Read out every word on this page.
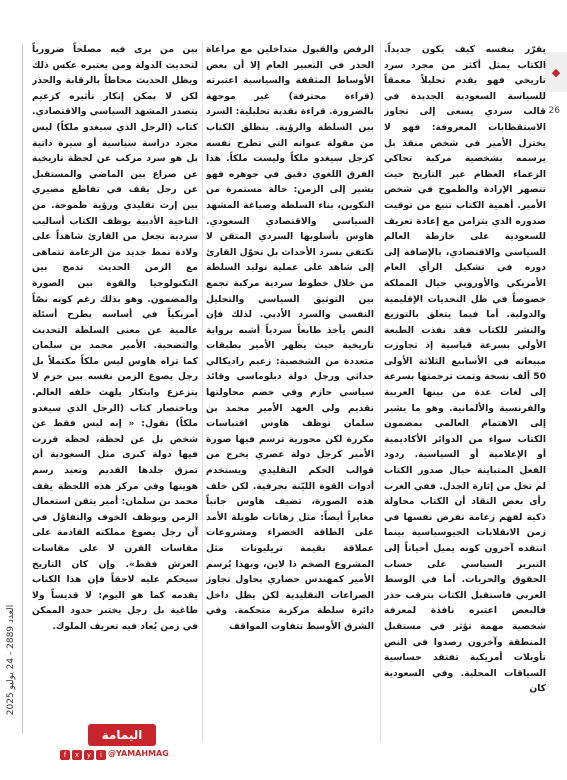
العدد 2889 - 24 يوليو 2025
◆
26

يقرّر بنفسه كيف يكون جديداً. الكتاب يمثل أكثر من مجرد سرد تاريخي فهو يقدم تحليلاً معمقاً للسياسة السعودية الجديدة في قالب سردي يسعى إلى تجاوز الاستقطابات المعروفة: فهو لا يختزل الأمير في شخص منقذ بل يرسمه بشخصية مركبة تحاكي الزعماء العظام عبر التاريخ حيث تتصهر الإرادة والطموح في شخص الأمير. أهمية الكتاب تنبع من توقيت صدوره الذي يتزامن مع إعادة تعريف للسعودية على خارطة العالم السياسي والاقتصادي، بالإضافة إلى دوره في تشكيل الرأي العام الأمريكي والأوروبي حيال المملكة خصوصاً في ظل التحديات الإقليمية والدولية. أما فيما يتعلق بالتوزيع والنشر للكتاب فقد نفذت الطبعة الأولى بسرعة قياسية إذ تجاوزت مبيعاته في الأسابيع الثلاثة الأولى 50 ألف نسخة وتمت ترجمتها بسرعة إلى لغات عدة من بينها العربية والفرنسية والألمانية. وهو ما يشير إلى الاهتمام العالمي بمضمون الكتاب سواء من الدوائر الأكاديمية أو الإعلامية أو السياسية. ردود الفعل المتباينة حيال صدور الكتاب لم تخل من إثارة الجدل. ففي الغرب رأى بعض النقاد أن الكتاب محاولة ذكية لفهم زعامة تفرض نفسها في زمن الانقلابات الجيوسياسية بينما انتقده آخرون كونه يميل أحياناً إلى التبرير السياسي على حساب الحقوق والحريات. أما في الوسط العربي فاستقبل الكتاب بترقب حذر فالبعض اعتبره نافذة لمعرفة شخصية مهمة تؤثر في مستقبل المنطقة وآخرون رصدوا في النص تأويلات أمريكية تفتقد حساسية السياقات المحلية. وفي السعودية كان

الرفض والقبول متداخلين مع مراعاة الحذر في التعبير العام إلا أن بعض الأوساط المثقفة والسياسية اعتبرته (قراءة محترفة) غير موجهة بالضرورة. قراءة نقدية تحليلية: السرد بين السلطة والرؤية. ينطلق الكتاب من مقولة عنوانه التي تطرح نفسه كرجل سيغدو ملكاً وليست ملكاً. هذا الفرق اللغوي دقيق في جوهره فهو يشير إلى الزمن: حالة مستمرة من التكوين، بناء السلطة وصياغة المشهد السياسي والاقتصادي السعودي. هاوس بأسلوبها السردي المتقن لا تكتفي بسرد الأحداث بل تحوّل القارئ إلى شاهد على عملية توليد السلطة من خلال خطوط سردية مركبة تجمع بين التوثيق السياسي والتحليل النفسي والسرد الأدبي. لذلك فإن النص يأخذ طابعاً سردياً أشبه برواية تاريخية حيث يظهر الأمير بطبقات متعددة من الشخصية: زعيم راديكالي حداثي ورجل دولة دبلوماسي وقائد سياسي حازم وفي خضم محاولتها تقديم ولي العهد الأمير محمد بن سلمان توظف هاوس اقتباسات مكررة لكن محورية ترسم فيها صورة الأمير كرجل دولة عصري يخرج من قوالب الحكم التقليدي ويستخدم أدوات القوة الليّنة بحرفية. لكن خلف هذه الصورة، تضيف هاوس جانباً مغايراً أيضاً: مثل رهانات طويلة الأمد على الطاقة الخضراء ومشروعات عملاقة بقيمة تريليونات مثل المشروع الضخم ذا لاين، وبهذا يُرسم الأمير كمهندس حضاري يحاول تجاوز الصراعات التقليدية لكن يظل داخل دائرة سلطة مركزية متحكمة. وفي الشرق الأوسط تتفاوت المواقف

بين من يرى فيه مصلحاً ضرورياً لتحديث الدولة ومن يعتبره عكس ذلك ويظل الحديث محاطاً بالرقابة والحذر لكن لا يمكن إنكار تأثيره كزعيم يتصدر المشهد السياسي والاقتصادي. كتاب (الرجل الذي سيغدو ملكاً) ليس مجرد دراسة سياسية أو سيرة ذاتية بل هو سرد مركب عن لحظة تاريخية عن صراع بين الماضي والمستقبل عن رجل يقف في تقاطع مصيري بين إرث تقليدي ورؤية طموحة. من الناحية الأدبية يوظف الكتاب أساليب سردية تجعل من القارئ شاهداً على ولادة نمط جديد من الزعامة تتماهى مع الزمن الحديث تدمج بين التكنولوجيا والقوة بين الصورة والمضمون. وهو بذلك رغم كونه نصّاً أمريكياً في أساسه يطرح أسئلة عالمية عن معنى السلطة التحديث والتضحية. الأمير محمد بن سلمان كما تراه هاوس ليس ملكاً مكتملاً بل رجل يصوغ الزمن نفسه بين حزم لا يتزعزع وابتكار يلهث خلفه العالم. وباختصار كتاب (الرجل الذي سيغدو ملكاً) تقول: « إنه ليس فقط عن شخص بل عن لحظة، لحظة قررت فيها دولة كبرى مثل السعودية أن تمزق جلدها القديم وتعيد رسم هويتها وفي مركز هذه اللحظة يقف محمد بن سلمان: أمير يتقن استعمال الزمن ويوظف الخوف والتفاؤل في آن رجل يصوغ مملكته القادمة على مقاسات القرن لا على مقاسات العرش فقط». وإن كان التاريخ سيحكم عليه لاحقاً فإن هذا الكتاب يقدمه كما هو اليوم: لا قديساً ولا طاغية بل رجل يختبر حدود الممكن في زمن يُعاد فيه تعريف الملوك.

اليمامة
f	x	y	i @YAMAHMAG
